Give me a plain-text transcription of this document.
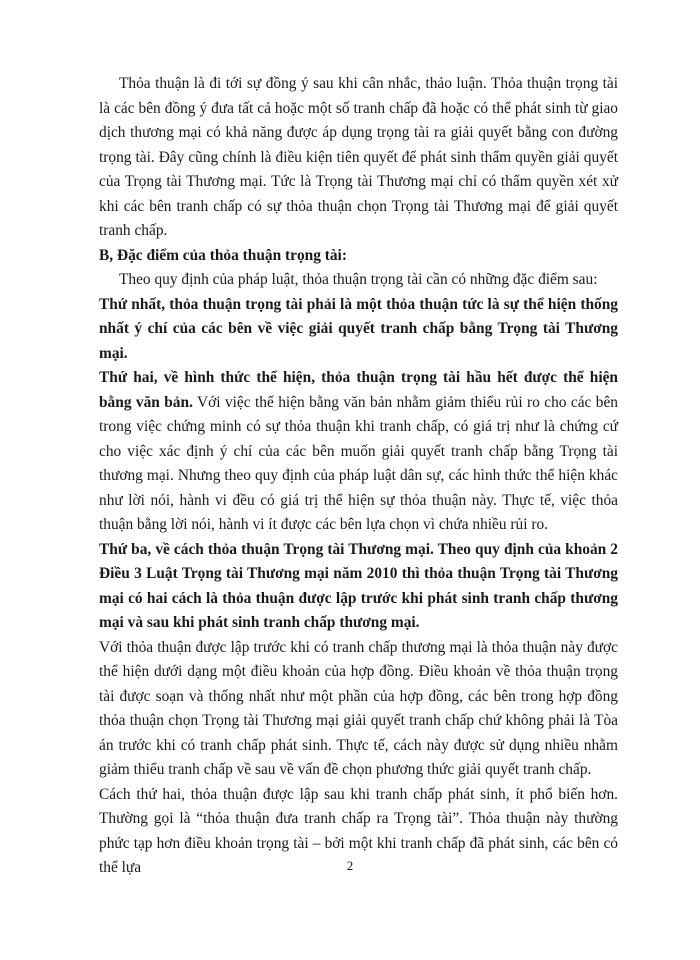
Thỏa thuận là đi tới sự đồng ý sau khi cân nhắc, thảo luận. Thỏa thuận trọng tài là các bên đồng ý đưa tất cả hoặc một số tranh chấp đã hoặc có thể phát sinh từ giao dịch thương mại có khả năng được áp dụng trọng tài ra giải quyết bằng con đường trọng tài. Đây cũng chính là điều kiện tiên quyết để phát sinh thẩm quyền giải quyết của Trọng tài Thương mại. Tức là Trọng tài Thương mại chỉ có thẩm quyền xét xử khi các bên tranh chấp có sự thỏa thuận chọn Trọng tài Thương mại để giải quyết tranh chấp.

B, Đặc điểm của thỏa thuận trọng tài:

Theo quy định của pháp luật, thỏa thuận trọng tài cần có những đặc điểm sau:

Thứ nhất, thỏa thuận trọng tài phải là một thỏa thuận tức là sự thể hiện thống nhất ý chí của các bên về việc giải quyết tranh chấp bằng Trọng tài Thương mại.

Thứ hai, về hình thức thể hiện, thỏa thuận trọng tài hầu hết được thể hiện bằng văn bản. Với việc thể hiện bằng văn bản nhằm giảm thiểu rủi ro cho các bên trong việc chứng minh có sự thỏa thuận khi tranh chấp, có giá trị như là chứng cứ cho việc xác định ý chí của các bên muốn giải quyết tranh chấp bằng Trọng tài thương mại. Nhưng theo quy định của pháp luật dân sự, các hình thức thể hiện khác như lời nói, hành vi đều có giá trị thể hiện sự thỏa thuận này. Thực tế, việc thỏa thuận bằng lời nói, hành vi ít được các bên lựa chọn vì chứa nhiều rủi ro.

Thứ ba, về cách thỏa thuận Trọng tài Thương mại. Theo quy định của khoản 2 Điều 3 Luật Trọng tài Thương mại năm 2010 thì thỏa thuận Trọng tài Thương mại có hai cách là thỏa thuận được lập trước khi phát sinh tranh chấp thương mại và sau khi phát sinh tranh chấp thương mại.

Với thỏa thuận được lập trước khi có tranh chấp thương mại là thỏa thuận này được thể hiện dưới dạng một điều khoản của hợp đồng. Điều khoản về thỏa thuận trọng tài được soạn và thống nhất như một phần của hợp đồng, các bên trong hợp đồng thỏa thuận chọn Trọng tài Thương mại giải quyết tranh chấp chứ không phải là Tòa án trước khi có tranh chấp phát sinh. Thực tế, cách này được sử dụng nhiều nhằm giảm thiểu tranh chấp về sau về vấn đề chọn phương thức giải quyết tranh chấp.

Cách thứ hai, thỏa thuận được lập sau khi tranh chấp phát sinh, ít phổ biến hơn. Thường gọi là “thỏa thuận đưa tranh chấp ra Trọng tài”. Thỏa thuận này thường phức tạp hơn điều khoản trọng tài – bởi một khi tranh chấp đã phát sinh, các bên có thể lựa	2
